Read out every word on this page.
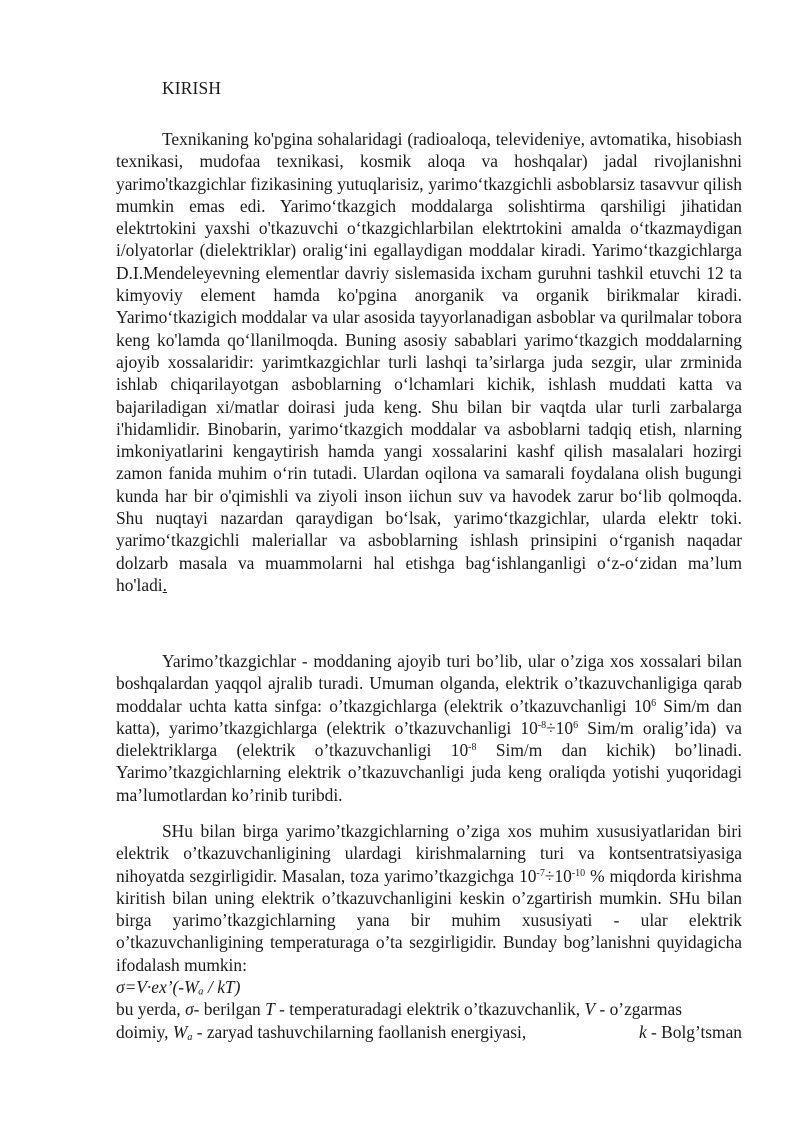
KIRISH
Texnikaning ko'pgina sohalaridagi (radioaloqa, televideniye, avtomatika, hisobiash texnikasi, mudofaa texnikasi, kosmik aloqa va hoshqalar) jadal rivojlanishni yarimo'tkazgichlar fizikasining yutuqlarisiz, yarimo‘tkazgichli asboblarsiz tasavvur qilish mumkin emas edi. Yarimo‘tkazgich moddalarga solishtirma qarshiligi jihatidan elektrtokini yaxshi o'tkazuvchi o‘tkazgichlarbilan elektrtokini amalda o‘tkazmaydigan i/olyatorlar (dielektriklar) oralig‘ini egallaydigan moddalar kiradi. Yarimo‘tkazgichlarga D.I.Mendeleyevning elementlar davriy sislemasida ixcham guruhni tashkil etuvchi 12 ta kimyoviy element hamda ko'pgina anorganik va organik birikmalar kiradi. Yarimo‘tkazigich moddalar va ular asosida tayyorlanadigan asboblar va qurilmalar tobora keng ko'lamda qo‘llanilmoqda. Buning asosiy sabablari yarimo‘tkazgich moddalarning ajoyib xossalaridir: yarimtkazgichlar turli lashqi ta’sirlarga juda sezgir, ular zrminida ishlab chiqarilayotgan asboblarning o‘lchamlari kichik, ishlash muddati katta va bajariladigan xi/matlar doirasi juda keng. Shu bilan bir vaqtda ular turli zarbalarga i'hidamlidir. Binobarin, yarimo‘tkazgich moddalar va asboblarni tadqiq etish, nlarning imkoniyatlarini kengaytirish hamda yangi xossalarini kashf qilish masalalari hozirgi zamon fanida muhim o‘rin tutadi. Ulardan oqilona va samarali foydalana olish bugungi kunda har bir o'qimishli va ziyoli inson iichun suv va havodek zarur bo‘lib qolmoqda. Shu nuqtayi nazardan qaraydigan bo‘lsak, yarimo‘tkazgichlar, ularda elektr toki. yarimo‘tkazgichli maleriallar va asboblarning ishlash prinsipini o‘rganish naqadar dolzarb masala va muammolarni hal etishga bag‘ishlanganligi o‘z-o‘zidan ma’lum ho'ladi.
Yarimo’tkazgichlar - moddaning ajoyib turi bo’lib, ular o’ziga xos xossalari bilan boshqalardan yaqqol ajralib turadi. Umuman olganda, elektrik o’tkazuvchanligiga qarab moddalar uchta katta sinfga: o’tkazgichlarga (elektrik o’tkazuvchanligi $10^6$ Sim/m dan katta), yarimo’tkazgichlarga (elektrik o’tkazuvchanligi $10^{-8}\div 10^6$ Sim/m oralig’ida) va dielektriklarga (elektrik o’tkazuvchanligi $10^{-8}$ Sim/m dan kichik) bo’linadi. Yarimo’tkazgichlarning elektrik o’tkazuvchanligi juda keng oraliqda yotishi yuqoridagi ma’lumotlardan ko’rinib turibdi.
SHu bilan birga yarimo’tkazgichlarning o’ziga xos muhim xususiyatlaridan biri elektrik o’tkazuvchanligining ulardagi kirishmalarning turi va kontsentratsiyasiga nihoyatda sezgirligidir. Masalan, toza yarimo’tkazgichga $10^{-7}\div 10^{-10}$ % miqdorda kirishma kiritish bilan uning elektrik o’tkazuvchanligini keskin o’zgartirish mumkin. SHu bilan birga yarimo’tkazgichlarning yana bir muhim xususiyati - ular elektrik o’tkazuvchanligining temperaturaga o’ta sezgirligidir. Bunday bog’lanishni quyidagicha ifodalash mumkin:
σ=V·ex’(-Wₐ / kT)
bu yerda, σ- berilgan T - temperaturadagi elektrik o’tkazuvchanlik, V - o’zgarmas
doimiy, $W_a$ - zaryad tashuvchilarning faollanish energiyasi,	k - Bolg’tsman
